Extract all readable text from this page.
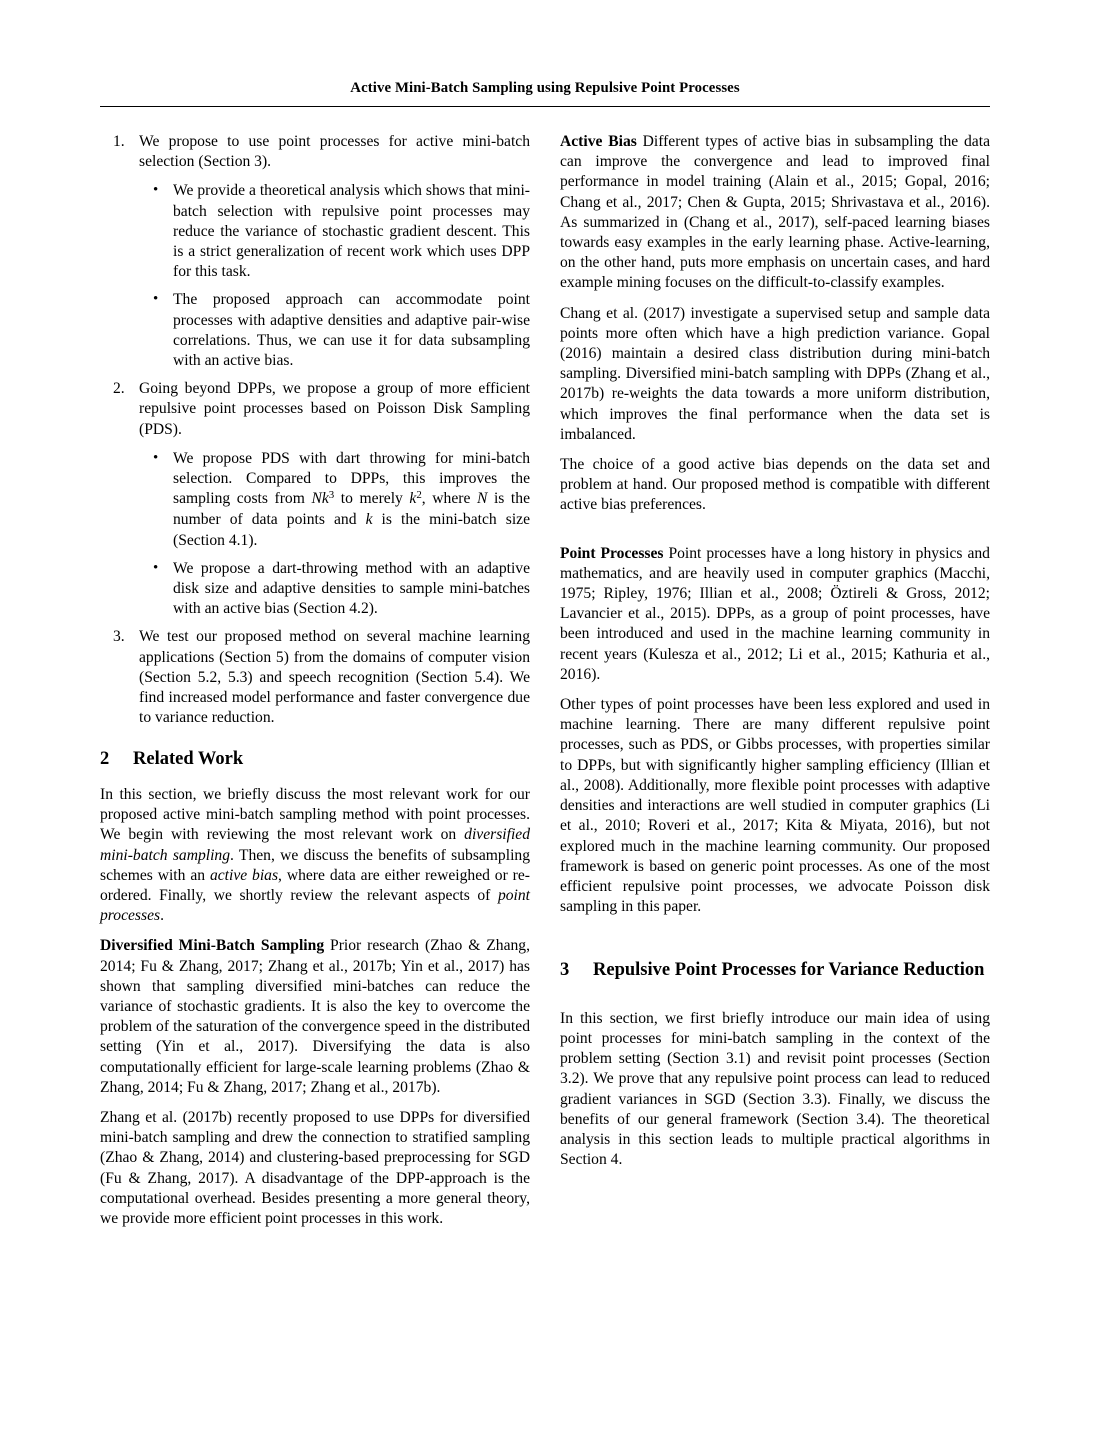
Active Mini-Batch Sampling using Repulsive Point Processes
1. We propose to use point processes for active mini-batch selection (Section 3).
• We provide a theoretical analysis which shows that mini-batch selection with repulsive point processes may reduce the variance of stochastic gradient descent. This is a strict generalization of recent work which uses DPP for this task.
• The proposed approach can accommodate point processes with adaptive densities and adaptive pair-wise correlations. Thus, we can use it for data subsampling with an active bias.
2. Going beyond DPPs, we propose a group of more efficient repulsive point processes based on Poisson Disk Sampling (PDS).
• We propose PDS with dart throwing for mini-batch selection. Compared to DPPs, this improves the sampling costs from Nk$^3$ to merely $k^2$, where N is the number of data points and k is the mini-batch size (Section 4.1).
• We propose a dart-throwing method with an adaptive disk size and adaptive densities to sample mini-batches with an active bias (Section 4.2).
3. We test our proposed method on several machine learning applications (Section 5) from the domains of computer vision (Section 5.2, 5.3) and speech recognition (Section 5.4). We find increased model performance and faster convergence due to variance reduction.
2	Related Work
In this section, we briefly discuss the most relevant work for our proposed active mini-batch sampling method with point processes. We begin with reviewing the most relevant work on diversified mini-batch sampling. Then, we discuss the benefits of subsampling schemes with an active bias, where data are either reweighed or re-ordered. Finally, we shortly review the relevant aspects of point processes.
Diversified Mini-Batch Sampling Prior research (Zhao & Zhang, 2014; Fu & Zhang, 2017; Zhang et al., 2017b; Yin et al., 2017) has shown that sampling diversified mini-batches can reduce the variance of stochastic gradients. It is also the key to overcome the problem of the saturation of the convergence speed in the distributed setting (Yin et al., 2017). Diversifying the data is also computationally efficient for large-scale learning problems (Zhao & Zhang, 2014; Fu & Zhang, 2017; Zhang et al., 2017b).
Zhang et al. (2017b) recently proposed to use DPPs for diversified mini-batch sampling and drew the connection to stratified sampling (Zhao & Zhang, 2014) and clustering-based preprocessing for SGD (Fu & Zhang, 2017). A disadvantage of the DPP-approach is the computational overhead. Besides presenting a more general theory, we provide more efficient point processes in this work.
Active Bias Different types of active bias in subsampling the data can improve the convergence and lead to improved final performance in model training (Alain et al., 2015; Gopal, 2016; Chang et al., 2017; Chen & Gupta, 2015; Shrivastava et al., 2016). As summarized in (Chang et al., 2017), self-paced learning biases towards easy examples in the early learning phase. Active-learning, on the other hand, puts more emphasis on uncertain cases, and hard example mining focuses on the difficult-to-classify examples.
Chang et al. (2017) investigate a supervised setup and sample data points more often which have a high prediction variance. Gopal (2016) maintain a desired class distribution during mini-batch sampling. Diversified mini-batch sampling with DPPs (Zhang et al., 2017b) re-weights the data towards a more uniform distribution, which improves the final performance when the data set is imbalanced.
The choice of a good active bias depends on the data set and problem at hand. Our proposed method is compatible with different active bias preferences.
Point Processes Point processes have a long history in physics and mathematics, and are heavily used in computer graphics (Macchi, 1975; Ripley, 1976; Illian et al., 2008; Öztireli & Gross, 2012; Lavancier et al., 2015). DPPs, as a group of point processes, have been introduced and used in the machine learning community in recent years (Kulesza et al., 2012; Li et al., 2015; Kathuria et al., 2016).
Other types of point processes have been less explored and used in machine learning. There are many different repulsive point processes, such as PDS, or Gibbs processes, with properties similar to DPPs, but with significantly higher sampling efficiency (Illian et al., 2008). Additionally, more flexible point processes with adaptive densities and interactions are well studied in computer graphics (Li et al., 2010; Roveri et al., 2017; Kita & Miyata, 2016), but not explored much in the machine learning community. Our proposed framework is based on generic point processes. As one of the most efficient repulsive point processes, we advocate Poisson disk sampling in this paper.
3	Repulsive Point Processes for Variance Reduction
In this section, we first briefly introduce our main idea of using point processes for mini-batch sampling in the context of the problem setting (Section 3.1) and revisit point processes (Section 3.2). We prove that any repulsive point process can lead to reduced gradient variances in SGD (Section 3.3). Finally, we discuss the benefits of our general framework (Section 3.4). The theoretical analysis in this section leads to multiple practical algorithms in Section 4.
